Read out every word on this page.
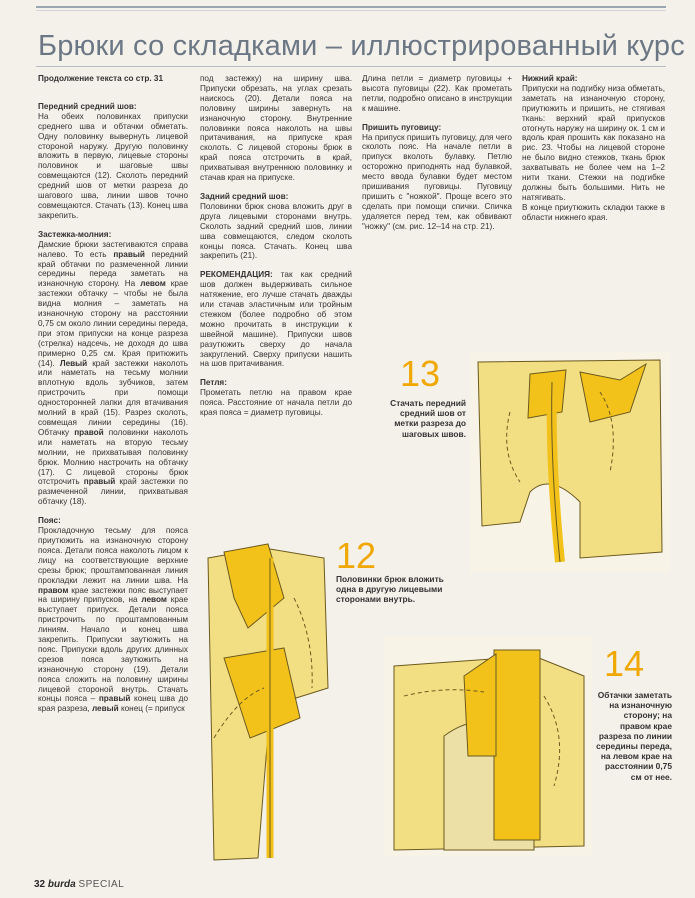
Брюки со складками – иллюстрированный курс

Продолжение текста со стр. 31

Передний средний шов:

На обеих половинках припуски среднего шва и обтачки обметать. Одну половинку вывернуть лицевой стороной наружу. Другую половинку вложить в первую, лицевые стороны половинок и шаговые швы совмещаются (12). Сколоть передний средний шов от метки разреза до шагового шва, линии швов точно совмещаются. Стачать (13). Конец шва закрепить.

Застежка-молния:

Дамские брюки застегиваются справа налево. То есть правый передний край обтачки по размеченной линии середины переда заметать на изнаночную сторону. На левом крае застежки обтачку – чтобы не была видна молния – заметать на изнаночную сторону на расстоянии 0,75 см около линии середины переда, при этом припуски на конце разреза (стрелка) надсечь, не доходя до шва примерно 0,25 см. Края притюжить (14). Левый край застежки наколоть или наметать на тесьму молнии вплотную вдоль зубчиков, затем пристрочить при помощи односторонней лапки для втачивания молний в край (15). Разрез сколоть, совмещая линии середины (16). Обтачку правой половинки наколоть или наметать на вторую тесьму молнии, не прихватывая половинку брюк. Молнию настрочить на обтачку (17). С лицевой стороны брюк отстрочить правый край застежки по размеченной линии, прихватывая обтачку (18).

Пояс:

Прокладочную тесьму для пояса приутюжить на изнаночную сторону пояса. Детали пояса наколоть лицом к лицу на соответствующие верхние срезы брюк; проштампованная линия прокладки лежит на линии шва. На правом крае застежки пояс выступает на ширину припусков, на левом крае выступает припуск. Детали пояса пристрочить по проштампованным линиям. Начало и конец шва закрепить. Припуски заутюжить на пояс. Припуски вдоль других длинных срезов пояса заутюжить на изнаночную сторону (19). Детали пояса сложить на половину ширины лицевой стороной внутрь. Стачать концы пояса – правый конец шва до края разреза, левый конец (= припуск

под застежку) на ширину шва. Припуски обрезать, на углах срезать наискось (20). Детали пояса на половину ширины завернуть на изнаночную сторону. Внутренние половинки пояса наколоть на швы притачивания, на припуске края сколоть. С лицевой стороны брюк в край пояса отстрочить в край, прихватывая внутреннюю половинку и стачав края на припуске.

Задний средний шов:

Половинки брюк снова вложить друг в друга лицевыми сторонами внутрь. Сколоть задний средний шов, линии шва совмещаются, следом сколоть концы пояса. Стачать. Конец шва закрепить (21).

РЕКОМЕНДАЦИЯ: так как средний шов должен выдерживать сильное натяжение, его лучше стачать дважды или стачав эластичным или тройным стежком (более подробно об этом можно прочитать в инструкции к швейной машине). Припуски швов разутюжить сверху до начала закруглений. Сверху припуски нашить на шов притачивания.

Петля:

Прометать петлю на правом крае пояса. Расстояние от начала петли до края пояса = диаметр пуговицы.

Длина петли = диаметр пуговицы + высота пуговицы (22). Как прометать петли, подробно описано в инструкции к машине.

Пришить пуговицу:

На припуск пришить пуговицу, для чего сколоть пояс. На начале петли в припуск вколоть булавку. Петлю осторожно приподнять над булавкой, место ввода булавки будет местом пришивания пуговицы. Пуговицу пришить с "ножкой". Проще всего это сделать при помощи спички. Спичка удаляется перед тем, как обвивают "ножку" (см. рис. 12–14 на стр. 21).

Нижний край:

Припуски на подгибку низа обметать, заметать на изнаночную сторону, приутюжить и пришить, не стягивая ткань: верхний край припусков отогнуть наружу на ширину ок. 1 см и вдоль края прошить как показано на рис. 23. Чтобы на лицевой стороне не было видно стежков, ткань брюк захватывать не более чем на 1–2 нити ткани. Стежки на подгибке должны быть большими. Нить не натягивать.

В конце приутюжить складки также в области нижнего края.

13
Стачать передний средний шов от метки разреза до шаговых швов.
12
Половинки брюк вложить одна в другую лицевыми сторонами внутрь.
14
Обтачки заметать на изнаночную сторону; на правом крае разреза по линии середины переда, на левом крае на расстоянии 0,75 см от нее.
32 burda SPECIAL
